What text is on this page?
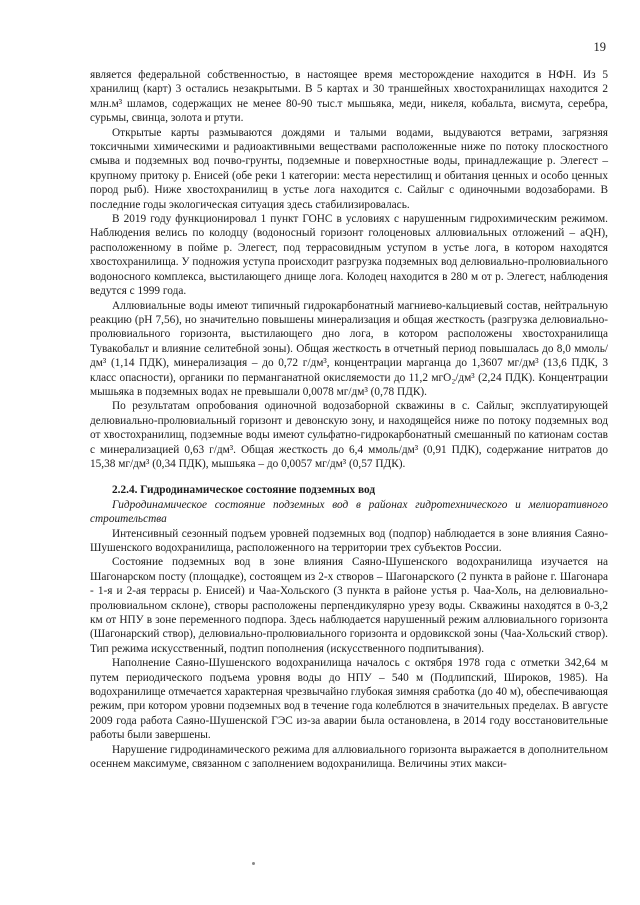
19

является федеральной собственностью, в настоящее время месторождение находится в НФН. Из 5 хранилищ (карт) 3 остались незакрытыми. В 5 картах и 30 траншейных хвостохранилищах находится 2 млн.м³ шламов, содержащих не менее 80-90 тыс.т мышьяка, меди, никеля, кобальта, висмута, серебра, сурьмы, свинца, золота и ртути.

Открытые карты размываются дождями и талыми водами, выдуваются ветрами, загрязняя токсичными химическими и радиоактивными веществами расположенные ниже по потоку плоскостного смыва и подземных вод почво-грунты, подземные и поверхностные воды, принадлежащие р. Элегест – крупному притоку р. Енисей (обе реки 1 категории: места нерестилищ и обитания ценных и особо ценных пород рыб). Ниже хвостохранилищ в устье лога находится с. Сайлыг с одиночными водозаборами. В последние годы экологическая ситуация здесь стабилизировалась.

В 2019 году функционировал 1 пункт ГОНС в условиях с нарушенным гидрохимическим режимом. Наблюдения велись по колодцу (водоносный горизонт голоценовых аллювиальных отложений – aQH), расположенному в пойме р. Элегест, под террасовидным уступом в устье лога, в котором находятся хвостохранилища. У подножия уступа происходит разгрузка подземных вод делювиально-пролювиального водоносного комплекса, выстилающего днище лога. Колодец находится в 280 м от р. Элегест, наблюдения ведутся с 1999 года.

Аллювиальные воды имеют типичный гидрокарбонатный магниево-кальциевый состав, нейтральную реакцию (рН 7,56), но значительно повышены минерализация и общая жесткость (разгрузка делювиально-пролювиального горизонта, выстилающего дно лога, в котором расположены хвостохранилища Тувакобальт и влияние селитебной зоны). Общая жесткость в отчетный период повышалась до 8,0 ммоль/дм³ (1,14 ПДК), минерализация – до 0,72 г/дм³, концентрации марганца до 1,3607 мг/дм³ (13,6 ПДК, 3 класс опасности), органики по перманганатной окисляемости до 11,2 мгО₂/дм³ (2,24 ПДК). Концентрации мышьяка в подземных водах не превышали 0,0078 мг/дм³ (0,78 ПДК).

По результатам опробования одиночной водозаборной скважины в с. Сайлыг, эксплуатирующей делювиально-пролювиальный горизонт и девонскую зону, и находящейся ниже по потоку подземных вод от хвостохранилищ, подземные воды имеют сульфатно-гидрокарбонатный смешанный по катионам состав с минерализацией 0,63 г/дм³. Общая жесткость до 6,4 ммоль/дм³ (0,91 ПДК), содержание нитратов до 15,38 мг/дм³ (0,34 ПДК), мышьяка – до 0,0057 мг/дм³ (0,57 ПДК).

2.2.4. Гидродинамическое состояние подземных вод

Гидродинамическое состояние подземных вод в районах гидротехнического и мелиоративного строительства

Интенсивный сезонный подъем уровней подземных вод (подпор) наблюдается в зоне влияния Саяно-Шушенского водохранилища, расположенного на территории трех субъектов России.

Состояние подземных вод в зоне влияния Саяно-Шушенского водохранилища изучается на Шагонарском посту (площадке), состоящем из 2-х створов – Шагонарского (2 пункта в районе г. Шагонара - 1-я и 2-ая террасы р. Енисей) и Чаа-Хольского (3 пункта в районе устья р. Чаа-Холь, на делювиально-пролювиальном склоне), створы расположены перпендикулярно урезу воды. Скважины находятся в 0-3,2 км от НПУ в зоне переменного подпора. Здесь наблюдается нарушенный режим аллювиального горизонта (Шагонарский створ), делювиально-пролювиального горизонта и ордовикской зоны (Чаа-Хольский створ). Тип режима искусственный, подтип пополнения (искусственного подпитывания).

Наполнение Саяно-Шушенского водохранилища началось с октября 1978 года с отметки 342,64 м путем периодического подъема уровня воды до НПУ – 540 м (Подлипский, Широков, 1985). На водохранилище отмечается характерная чрезвычайно глубокая зимняя сработка (до 40 м), обеспечивающая режим, при котором уровни подземных вод в течение года колеблются в значительных пределах. В августе 2009 года работа Саяно-Шушенской ГЭС из-за аварии была остановлена, в 2014 году восстановительные работы были завершены.

Нарушение гидродинамического режима для аллювиального горизонта выражается в дополнительном осеннем максимуме, связанном с заполнением водохранилища. Величины этих макси-
